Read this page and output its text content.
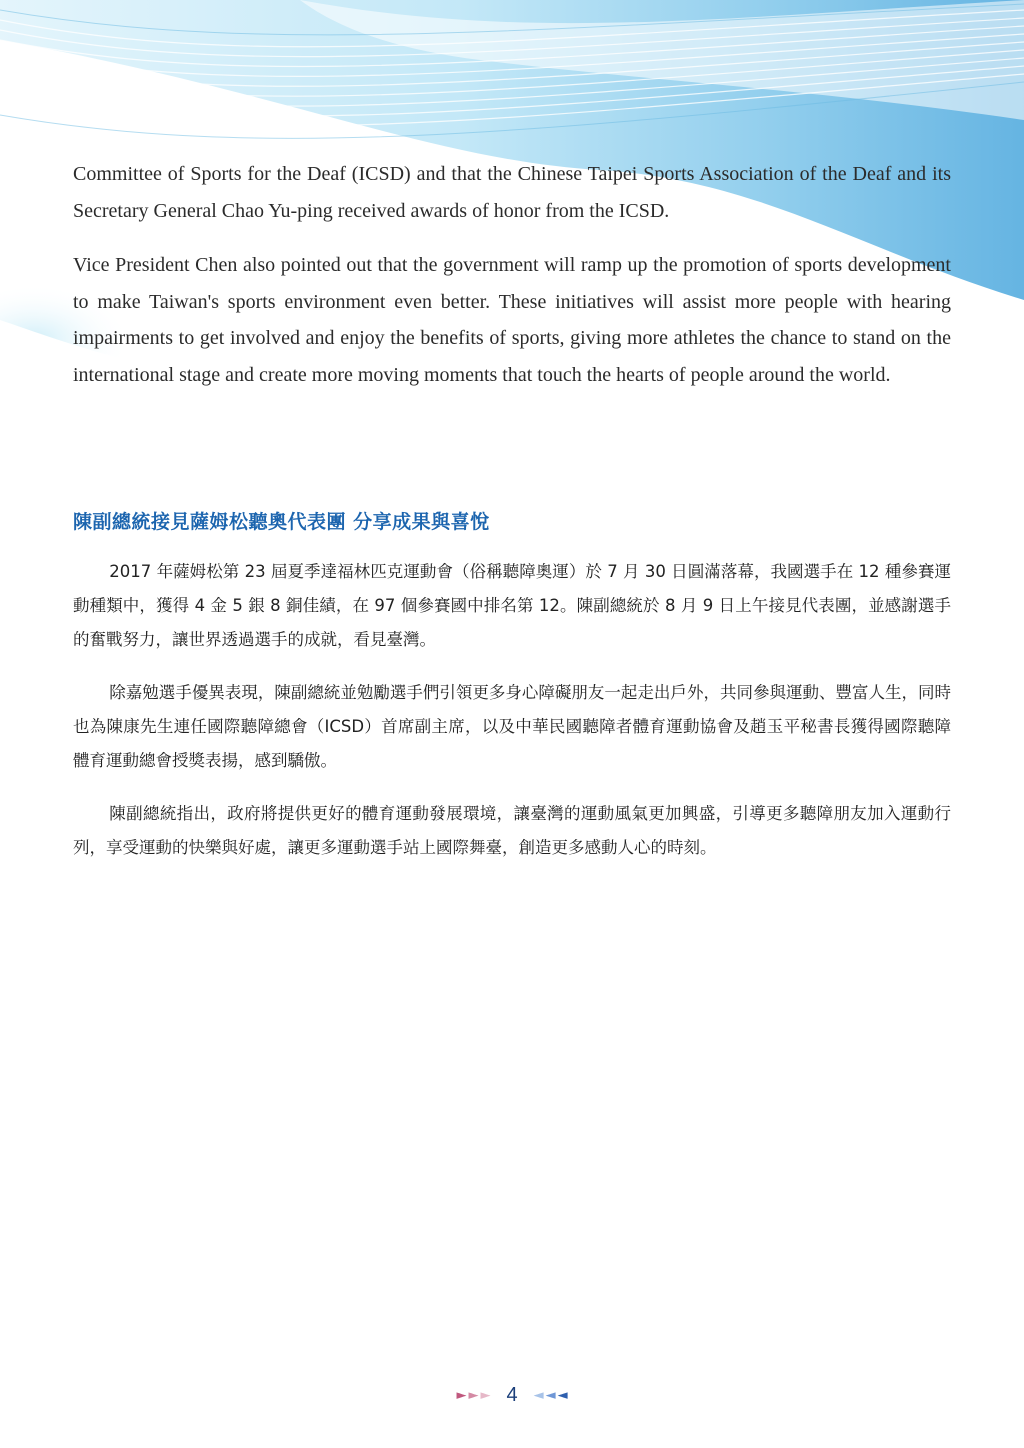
Committee of Sports for the Deaf (ICSD) and that the Chinese Taipei Sports Association of the Deaf and its Secretary General Chao Yu-ping received awards of honor from the ICSD.

Vice President Chen also pointed out that the government will ramp up the promotion of sports development to make Taiwan's sports environment even better. These initiatives will assist more people with hearing impairments to get involved and enjoy the benefits of sports, giving more athletes the chance to stand on the international stage and create more moving moments that touch the hearts of people around the world.

陳副總統接見薩姆松聽奧代表團 分享成果與喜悅

2017 年薩姆松第 23 屆夏季達福林匹克運動會（俗稱聽障奧運）於 7 月 30 日圓滿落幕，我國選手在 12 種參賽運動種類中，獲得 4 金 5 銀 8 銅佳績，在 97 個參賽國中排名第 12。陳副總統於 8 月 9 日上午接見代表團，並感謝選手的奮戰努力，讓世界透過選手的成就，看見臺灣。

除嘉勉選手優異表現，陳副總統並勉勵選手們引領更多身心障礙朋友一起走出戶外，共同參與運動、豐富人生，同時也為陳康先生連任國際聽障總會（ICSD）首席副主席，以及中華民國聽障者體育運動協會及趙玉平秘書長獲得國際聽障體育運動總會授獎表揚，感到驕傲。

陳副總統指出，政府將提供更好的體育運動發展環境，讓臺灣的運動風氣更加興盛，引導更多聽障朋友加入運動行列，享受運動的快樂與好處，讓更多運動選手站上國際舞臺，創造更多感動人心的時刻。

► ► ► 4 ◄ ◄ ◄
